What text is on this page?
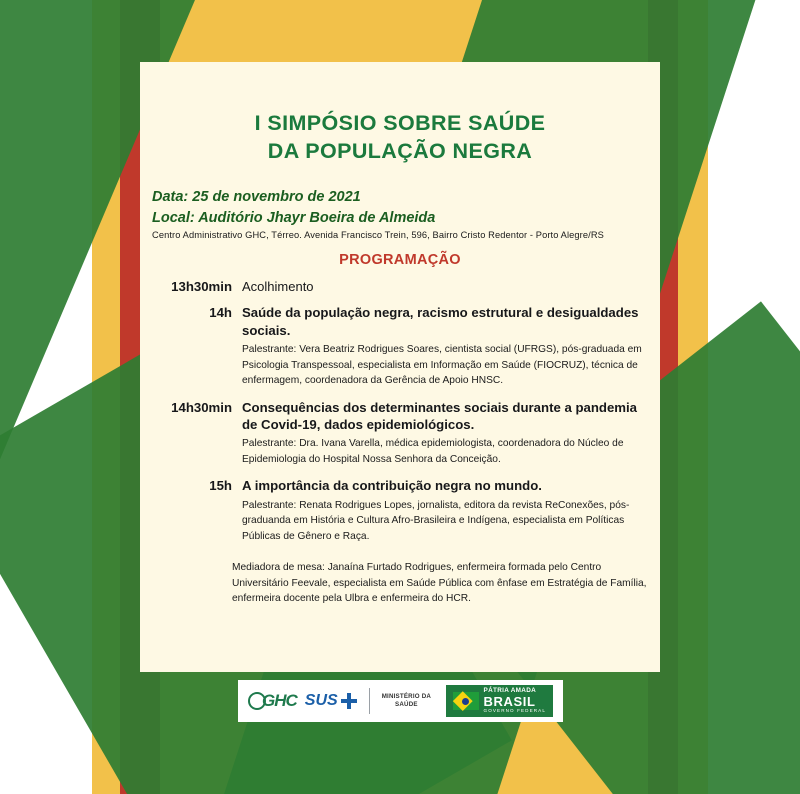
I SIMPÓSIO SOBRE SAÚDE
DA POPULAÇÃO NEGRA
Data: 25 de novembro de 2021
Local: Auditório Jhayr Boeira de Almeida
Centro Administrativo GHC, Térreo. Avenida Francisco Trein, 596, Bairro Cristo Redentor - Porto Alegre/RS
PROGRAMAÇÃO
13h30min Acolhimento
14h Saúde da população negra, racismo estrutural e desigualdades sociais.
Palestrante: Vera Beatriz Rodrigues Soares, cientista social (UFRGS), pós-graduada em Psicologia Transpessoal, especialista em Informação em Saúde (FIOCRUZ), técnica de enfermagem, coordenadora da Gerência de Apoio HNSC.
14h30min Consequências dos determinantes sociais durante a pandemia de Covid-19, dados epidemiológicos.
Palestrante: Dra. Ivana Varella, médica epidemiologista, coordenadora do Núcleo de Epidemiologia do Hospital Nossa Senhora da Conceição.
15h A importância da contribuição negra no mundo.
Palestrante: Renata Rodrigues Lopes, jornalista, editora da revista ReConexões, pós-graduanda em História e Cultura Afro-Brasileira e Indígena, especialista em Políticas Públicas de Gênero e Raça.
Mediadora de mesa: Janaína Furtado Rodrigues, enfermeira formada pelo Centro Universitário Feevale, especialista em Saúde Pública com ênfase em Estratégia de Família, enfermeira docente pela Ulbra e enfermeira do HCR.
GHC SUS	MINISTÉRIO DA
SAÚDE
PÁTRIA AMADA
BRASIL
GOVERNO FEDERAL
